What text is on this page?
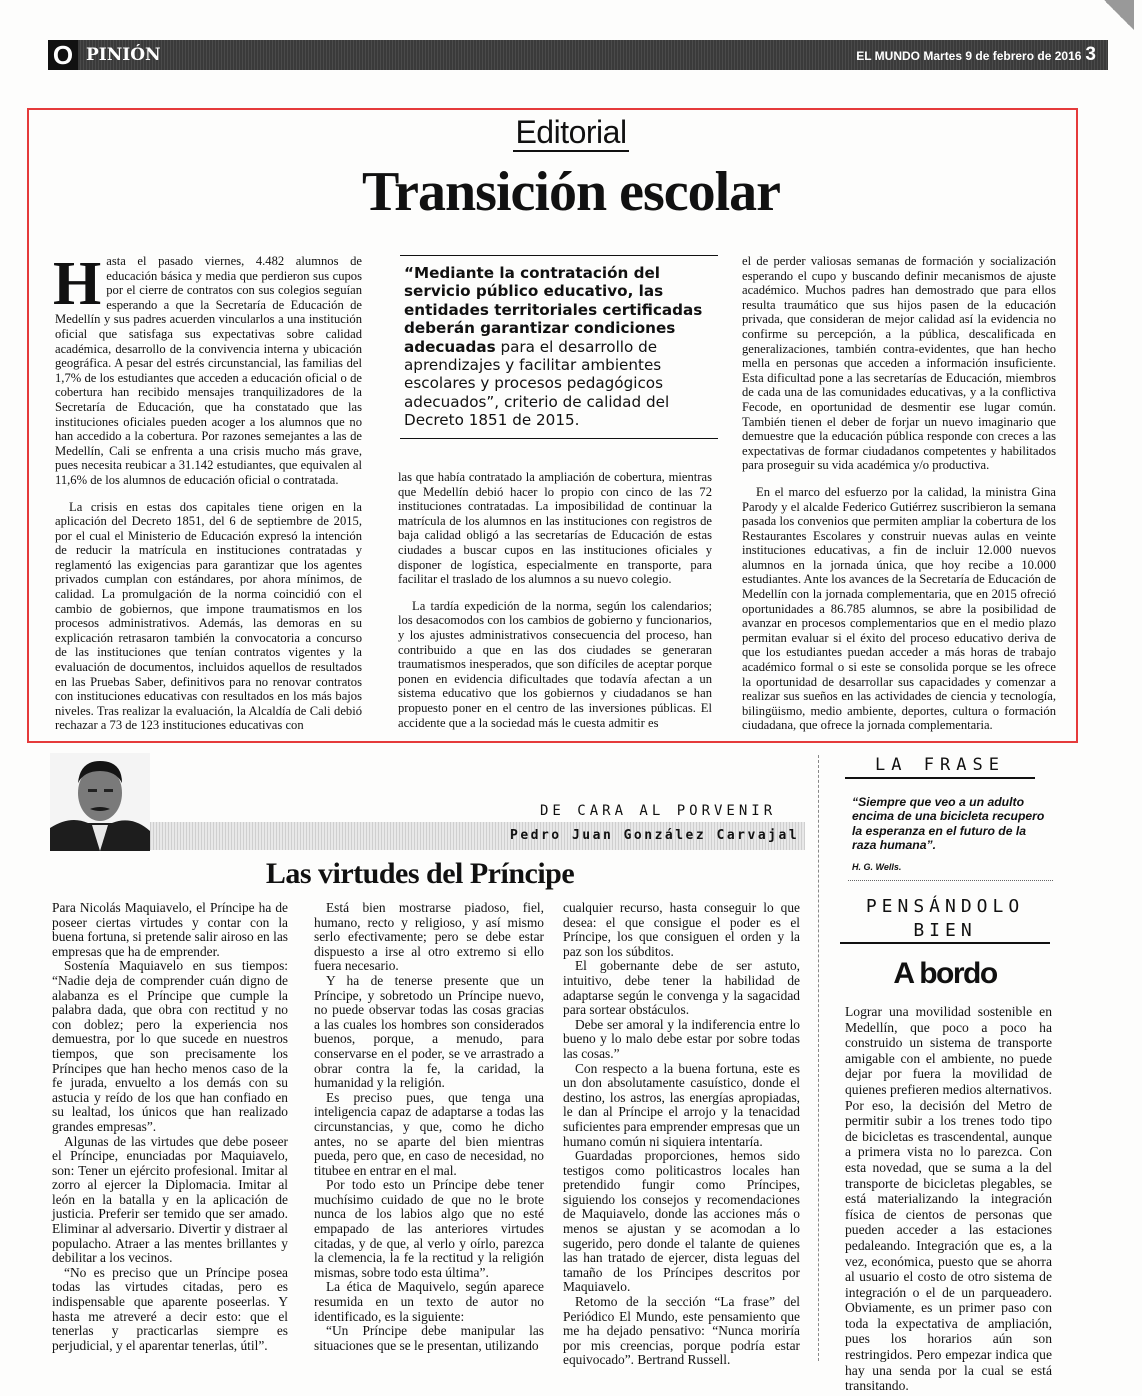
O PINIÓN	EL MUNDO Martes 9 de febrero de 2016 3
Editorial
Transición escolar

Hasta el pasado viernes, 4.482 alumnos de educación básica y media que perdieron sus cupos por el cierre de contratos con sus colegios seguían esperando a que la Secretaría de Educación de Medellín y sus padres acuerden vincularlos a una institución oficial que satisfaga sus expectativas sobre calidad académica, desarrollo de la convivencia interna y ubicación geográfica. A pesar del estrés circunstancial, las familias del 1,7% de los estudiantes que acceden a educación oficial o de cobertura han recibido mensajes tranquilizadores de la Secretaría de Educación, que ha constatado que las instituciones oficiales pueden acoger a los alumnos que no han accedido a la cobertura. Por razones semejantes a las de Medellín, Cali se enfrenta a una crisis mucho más grave, pues necesita reubicar a 31.142 estudiantes, que equivalen al 11,6% de los alumnos de educación oficial o contratada.

La crisis en estas dos capitales tiene origen en la aplicación del Decreto 1851, del 6 de septiembre de 2015, por el cual el Ministerio de Educación expresó la intención de reducir la matrícula en instituciones contratadas y reglamentó las exigencias para garantizar que los agentes privados cumplan con estándares, por ahora mínimos, de calidad. La promulgación de la norma coincidió con el cambio de gobiernos, que impone traumatismos en los procesos administrativos. Además, las demoras en su explicación retrasaron también la convocatoria a concurso de las instituciones que tenían contratos vigentes y la evaluación de documentos, incluidos aquellos de resultados en las Pruebas Saber, definitivos para no renovar contratos con instituciones educativas con resultados en los más bajos niveles. Tras realizar la evaluación, la Alcaldía de Cali debió rechazar a 73 de 123 instituciones educativas con

“Mediante la contratación del servicio público educativo, las entidades territoriales certificadas deberán garantizar condiciones adecuadas para el desarrollo de aprendizajes y facilitar ambientes escolares y procesos pedagógicos adecuados”, criterio de calidad del Decreto 1851 de 2015.

las que había contratado la ampliación de cobertura, mientras que Medellín debió hacer lo propio con cinco de las 72 instituciones contratadas. La imposibilidad de continuar la matrícula de los alumnos en las instituciones con registros de baja calidad obligó a las secretarías de Educación de estas ciudades a buscar cupos en las instituciones oficiales y disponer de logística, especialmente en transporte, para facilitar el traslado de los alumnos a su nuevo colegio.

La tardía expedición de la norma, según los calendarios; los desacomodos con los cambios de gobierno y funcionarios, y los ajustes administrativos consecuencia del proceso, han contribuido a que en las dos ciudades se generaran traumatismos inesperados, que son difíciles de aceptar porque ponen en evidencia dificultades que todavía afectan a un sistema educativo que los gobiernos y ciudadanos se han propuesto poner en el centro de las inversiones públicas. El accidente que a la sociedad más le cuesta admitir es

el de perder valiosas semanas de formación y socialización esperando el cupo y buscando definir mecanismos de ajuste académico. Muchos padres han demostrado que para ellos resulta traumático que sus hijos pasen de la educación privada, que consideran de mejor calidad así la evidencia no confirme su percepción, a la pública, descalificada en generalizaciones, también contra-evidentes, que han hecho mella en personas que acceden a información insuficiente. Esta dificultad pone a las secretarías de Educación, miembros de cada una de las comunidades educativas, y a la conflictiva Fecode, en oportunidad de desmentir ese lugar común. También tienen el deber de forjar un nuevo imaginario que demuestre que la educación pública responde con creces a las expectativas de formar ciudadanos competentes y habilitados para proseguir su vida académica y/o productiva.

En el marco del esfuerzo por la calidad, la ministra Gina Parody y el alcalde Federico Gutiérrez suscribieron la semana pasada los convenios que permiten ampliar la cobertura de los Restaurantes Escolares y construir nuevas aulas en veinte instituciones educativas, a fin de incluir 12.000 nuevos alumnos en la jornada única, que hoy recibe a 10.000 estudiantes. Ante los avances de la Secretaría de Educación de Medellín con la jornada complementaria, que en 2015 ofreció oportunidades a 86.785 alumnos, se abre la posibilidad de avanzar en procesos complementarios que en el medio plazo permitan evaluar si el éxito del proceso educativo deriva de que los estudiantes puedan acceder a más horas de trabajo académico formal o si este se consolida porque se les ofrece la oportunidad de desarrollar sus capacidades y comenzar a realizar sus sueños en las actividades de ciencia y tecnología, bilingüismo, medio ambiente, deportes, cultura o formación ciudadana, que ofrece la jornada complementaria.

DE CARA AL PORVENIR
Pedro Juan González Carvajal
Las virtudes del Príncipe

Para Nicolás Maquiavelo, el Príncipe ha de poseer ciertas virtudes y contar con la buena fortuna, si pretende salir airoso en las empresas que ha de emprender.

Sostenía Maquiavelo en sus tiempos: “Nadie deja de comprender cuán digno de alabanza es el Príncipe que cumple la palabra dada, que obra con rectitud y no con doblez; pero la experiencia nos demuestra, por lo que sucede en nuestros tiempos, que son precisamente los Príncipes que han hecho menos caso de la fe jurada, envuelto a los demás con su astucia y reído de los que han confiado en su lealtad, los únicos que han realizado grandes empresas”.

Algunas de las virtudes que debe poseer el Príncipe, enunciadas por Maquiavelo, son: Tener un ejército profesional. Imitar al zorro al ejercer la Diplomacia. Imitar al león en la batalla y en la aplicación de justicia. Preferir ser temido que ser amado. Eliminar al adversario. Divertir y distraer al populacho. Atraer a las mentes brillantes y debilitar a los vecinos.

“No es preciso que un Príncipe posea todas las virtudes citadas, pero es indispensable que aparente poseerlas. Y hasta me atreveré a decir esto: que el tenerlas y practicarlas siempre es perjudicial, y el aparentar tenerlas, útil”.

Está bien mostrarse piadoso, fiel, humano, recto y religioso, y así mismo serlo efectivamente; pero se debe estar dispuesto a irse al otro extremo si ello fuera necesario.

Y ha de tenerse presente que un Príncipe, y sobretodo un Príncipe nuevo, no puede observar todas las cosas gracias a las cuales los hombres son considerados buenos, porque, a menudo, para conservarse en el poder, se ve arrastrado a obrar contra la fe, la caridad, la humanidad y la religión.

Es preciso pues, que tenga una inteligencia capaz de adaptarse a todas las circunstancias, y que, como he dicho antes, no se aparte del bien mientras pueda, pero que, en caso de necesidad, no titubee en entrar en el mal.

Por todo esto un Príncipe debe tener muchísimo cuidado de que no le brote nunca de los labios algo que no esté empapado de las anteriores virtudes citadas, y de que, al verlo y oírlo, parezca la clemencia, la fe la rectitud y la religión mismas, sobre todo esta última”.

La ética de Maquivelo, según aparece resumida en un texto de autor no identificado, es la siguiente:

“Un Príncipe debe manipular las situaciones que se le presentan, utilizando

cualquier recurso, hasta conseguir lo que desea: el que consigue el poder es el Príncipe, los que consiguen el orden y la paz son los súbditos.

El gobernante debe de ser astuto, intuitivo, debe tener la habilidad de adaptarse según le convenga y la sagacidad para sortear obstáculos.

Debe ser amoral y la indiferencia entre lo bueno y lo malo debe estar por sobre todas las cosas.”

Con respecto a la buena fortuna, este es un don absolutamente casuístico, donde el destino, los astros, las energías apropiadas, le dan al Príncipe el arrojo y la tenacidad suficientes para emprender empresas que un humano común ni siquiera intentaría.

Guardadas proporciones, hemos sido testigos como politicastros locales han pretendido fungir como Príncipes, siguiendo los consejos y recomendaciones de Maquiavelo, donde las acciones más o menos se ajustan y se acomodan a lo sugerido, pero donde el talante de quienes las han tratado de ejercer, dista leguas del tamaño de los Príncipes descritos por Maquiavelo.

Retomo de la sección “La frase” del Periódico El Mundo, este pensamiento que me ha dejado pensativo: “Nunca moriría por mis creencias, porque podría estar equivocado”. Bertrand Russell.

LA FRASE
“Siempre que veo a un adulto encima de una bicicleta recupero la esperanza en el futuro de la raza humana”.
H. G. Wells.
PENSÁNDOLO
BIEN
A bordo

Lograr una movilidad sostenible en Medellín, que poco a poco ha construido un sistema de transporte amigable con el ambiente, no puede dejar por fuera la movilidad de quienes prefieren medios alternativos. Por eso, la decisión del Metro de permitir subir a los trenes todo tipo de bicicletas es trascendental, aunque a primera vista no lo parezca. Con esta novedad, que se suma a la del transporte de bicicletas plegables, se está materializando la integración física de cientos de personas que pueden acceder a las estaciones pedaleando. Integración que es, a la vez, económica, puesto que se ahorra al usuario el costo de otro sistema de integración o el de un parqueadero. Obviamente, es un primer paso con toda la expectativa de ampliación, pues los horarios aún son restringidos. Pero empezar indica que hay una senda por la cual se está transitando.
